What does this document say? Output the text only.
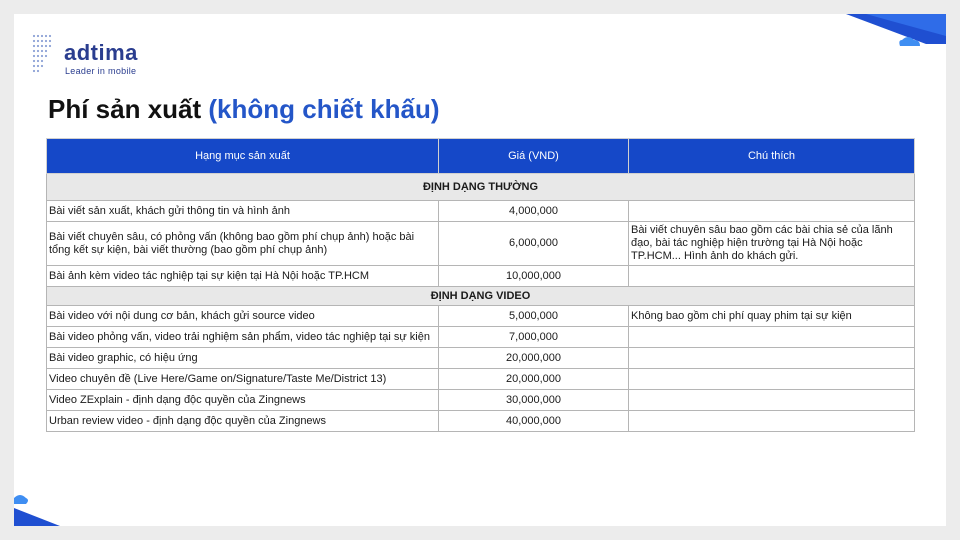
adtima
Leader in mobile
Phí sản xuất (không chiết khấu)
Hạng mục sản xuất	Giá (VND)	Chú thích
ĐỊNH DẠNG THƯỜNG		
Bài viết sản xuất, khách gửi thông tin và hình ảnh	4,000,000	
Bài viết chuyên sâu, có phỏng vấn (không bao gồm phí chụp ảnh) hoặc bài tổng kết sự kiện, bài viết thường (bao gồm phí chụp ảnh)	6,000,000	Bài viết chuyên sâu bao gồm các bài chia sẻ của lãnh đạo, bài tác nghiệp hiện trường tại Hà Nội hoặc TP.HCM... Hình ảnh do khách gửi.
Bài ảnh kèm video tác nghiệp tại sự kiện tại Hà Nội hoặc TP.HCM	10,000,000	
ĐỊNH DẠNG VIDEO		
Bài video với nội dung cơ bản, khách gửi source video	5,000,000	Không bao gồm chi phí quay phim tại sự kiện
Bài video phỏng vấn, video trải nghiệm sản phẩm, video tác nghiệp tại sự kiện	7,000,000	
Bài video graphic, có hiệu ứng	20,000,000	
Video chuyên đề (Live Here/Game on/Signature/Taste Me/District 13)	20,000,000	
Video ZExplain - định dạng độc quyền của Zingnews	30,000,000	
Urban review video - định dạng độc quyền của Zingnews	40,000,000	
